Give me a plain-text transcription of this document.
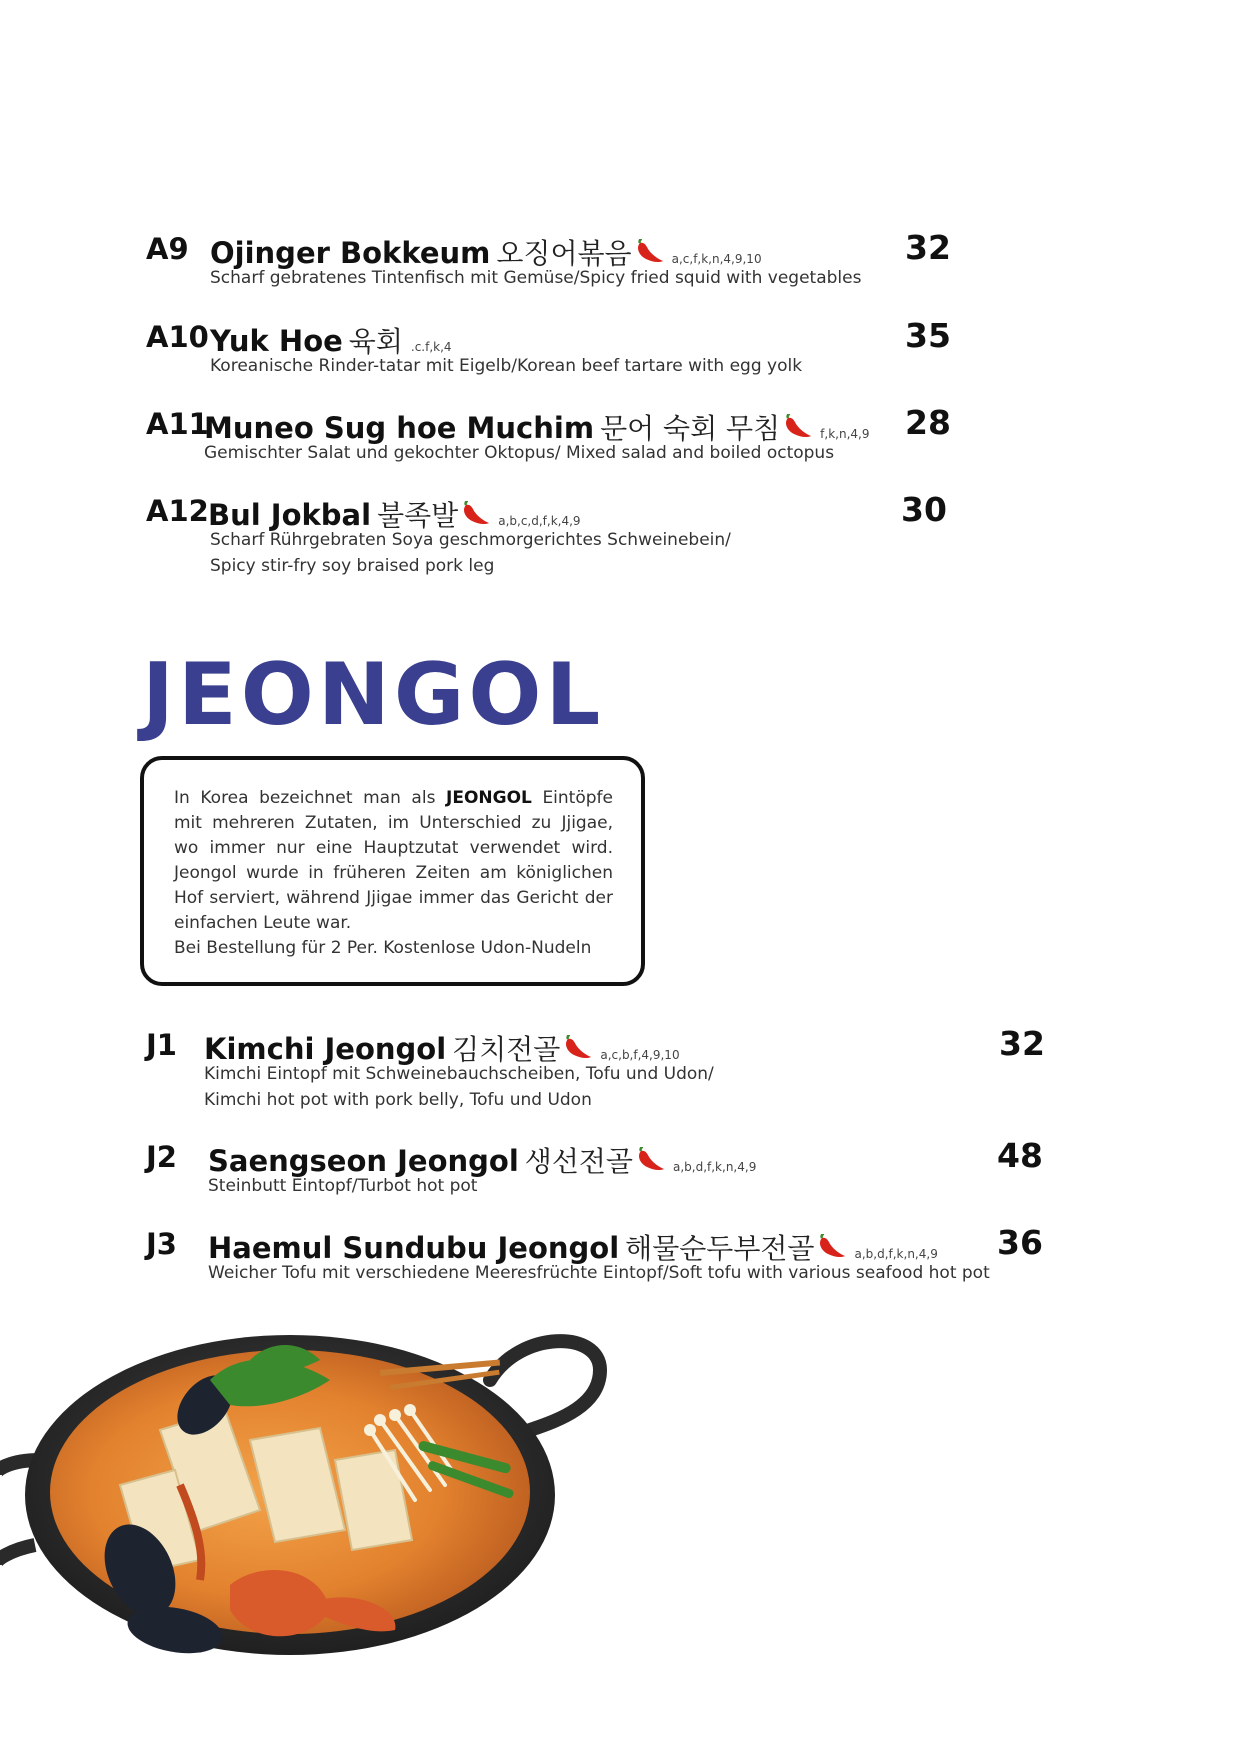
A9 Ojinger Bokkeum 오징어볶음	a,c,f,k,n,4,9,10
Scharf gebratenes Tintenfisch mit Gemüse/Spicy fried squid with vegetables
32
A10 Yuk Hoe 육회 .c.f,k,4
Koreanische Rinder-tatar mit Eigelb/Korean beef tartare with egg yolk
35
A11
Muneo Sug hoe Muchim 문어 숙회 무침	f,k,n,4,9
Gemischter Salat und gekochter Oktopus/ Mixed salad and boiled octopus
28
A12 Bul Jokbal 불족발	a,b,c,d,f,k,4,9
Scharf Rührgebraten Soya geschmorgerichtes Schweinebein/
Spicy stir-fry soy braised pork leg
30
JEONGOL

In Korea bezeichnet man als JEONGOL Eintöpfe mit mehreren Zutaten, im Unterschied zu Jjigae, wo immer nur eine Hauptzutat verwendet wird. Jeongol wurde in früheren Zeiten am königlichen Hof serviert, während Jjigae immer das Gericht der einfachen Leute war.

Bei Bestellung für 2 Per. Kostenlose Udon-Nudeln

J1 Kimchi Jeongol 김치전골	a,c,b,f,4,9,10
Kimchi Eintopf mit Schweinebauchscheiben, Tofu und Udon/
Kimchi hot pot with pork belly, Tofu und Udon
32
J2 Saengseon Jeongol 생선전골	a,b,d,f,k,n,4,9
Steinbutt Eintopf/Turbot hot pot
48
J3 Haemul Sundubu Jeongol 해물순두부전골	a,b,d,f,k,n,4,9
Weicher Tofu mit verschiedene Meeresfrüchte Eintopf/Soft tofu with various seafood hot pot
36
